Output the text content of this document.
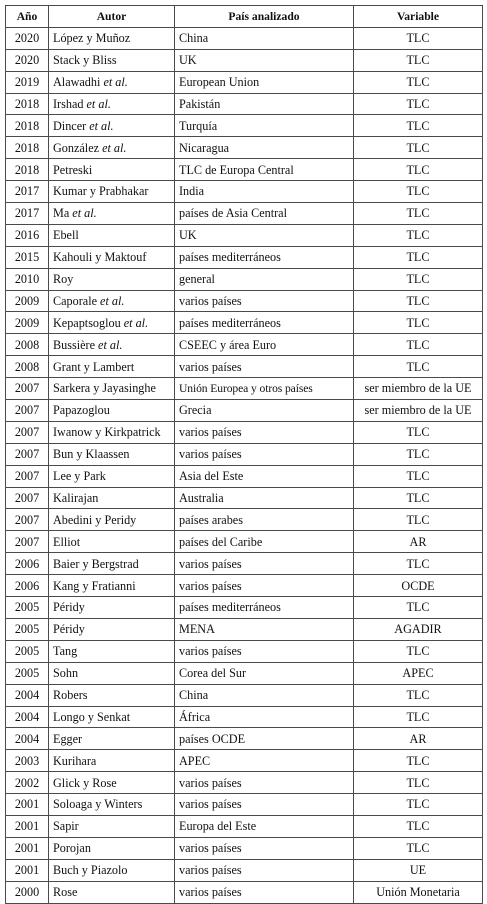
Año	Autor	País analizado	Variable
2020	López y Muñoz	China	TLC
2020	Stack y Bliss	UK	TLC
2019	Alawadhi et al.	European Union	TLC
2018	Irshad et al.	Pakistán	TLC
2018	Dincer et al.	Turquía	TLC
2018	González et al.	Nicaragua	TLC
2018	Petreski	TLC de Europa Central	TLC
2017	Kumar y Prabhakar	India	TLC
2017	Ma et al.	países de Asia Central	TLC
2016	Ebell	UK	TLC
2015	Kahouli y Maktouf	países mediterráneos	TLC
2010	Roy	general	TLC
2009	Caporale et al.	varios países	TLC
2009	Kepaptsoglou et al.	países mediterráneos	TLC
2008	Bussière et al.	CSEEC y área Euro	TLC
2008	Grant y Lambert	varios países	TLC
2007	Sarkera y Jayasinghe	Unión Europea y otros países	ser miembro de la UE
2007	Papazoglou	Grecia	ser miembro de la UE
2007	Iwanow y Kirkpatrick	varios países	TLC
2007	Bun y Klaassen	varios países	TLC
2007	Lee y Park	Asia del Este	TLC
2007	Kalirajan	Australia	TLC
2007	Abedini y Peridy	países arabes	TLC
2007	Elliot	países del Caribe	AR
2006	Baier y Bergstrad	varios países	TLC
2006	Kang y Fratianni	varios países	OCDE
2005	Péridy	países mediterráneos	TLC
2005	Péridy	MENA	AGADIR
2005	Tang	varios países	TLC
2005	Sohn	Corea del Sur	APEC
2004	Robers	China	TLC
2004	Longo y Senkat	África	TLC
2004	Egger	países OCDE	AR
2003	Kurihara	APEC	TLC
2002	Glick y Rose	varios países	TLC
2001	Soloaga y Winters	varios países	TLC
2001	Sapir	Europa del Este	TLC
2001	Porojan	varios países	TLC
2001	Buch y Piazolo	varios países	UE
2000	Rose	varios países	Unión Monetaria
